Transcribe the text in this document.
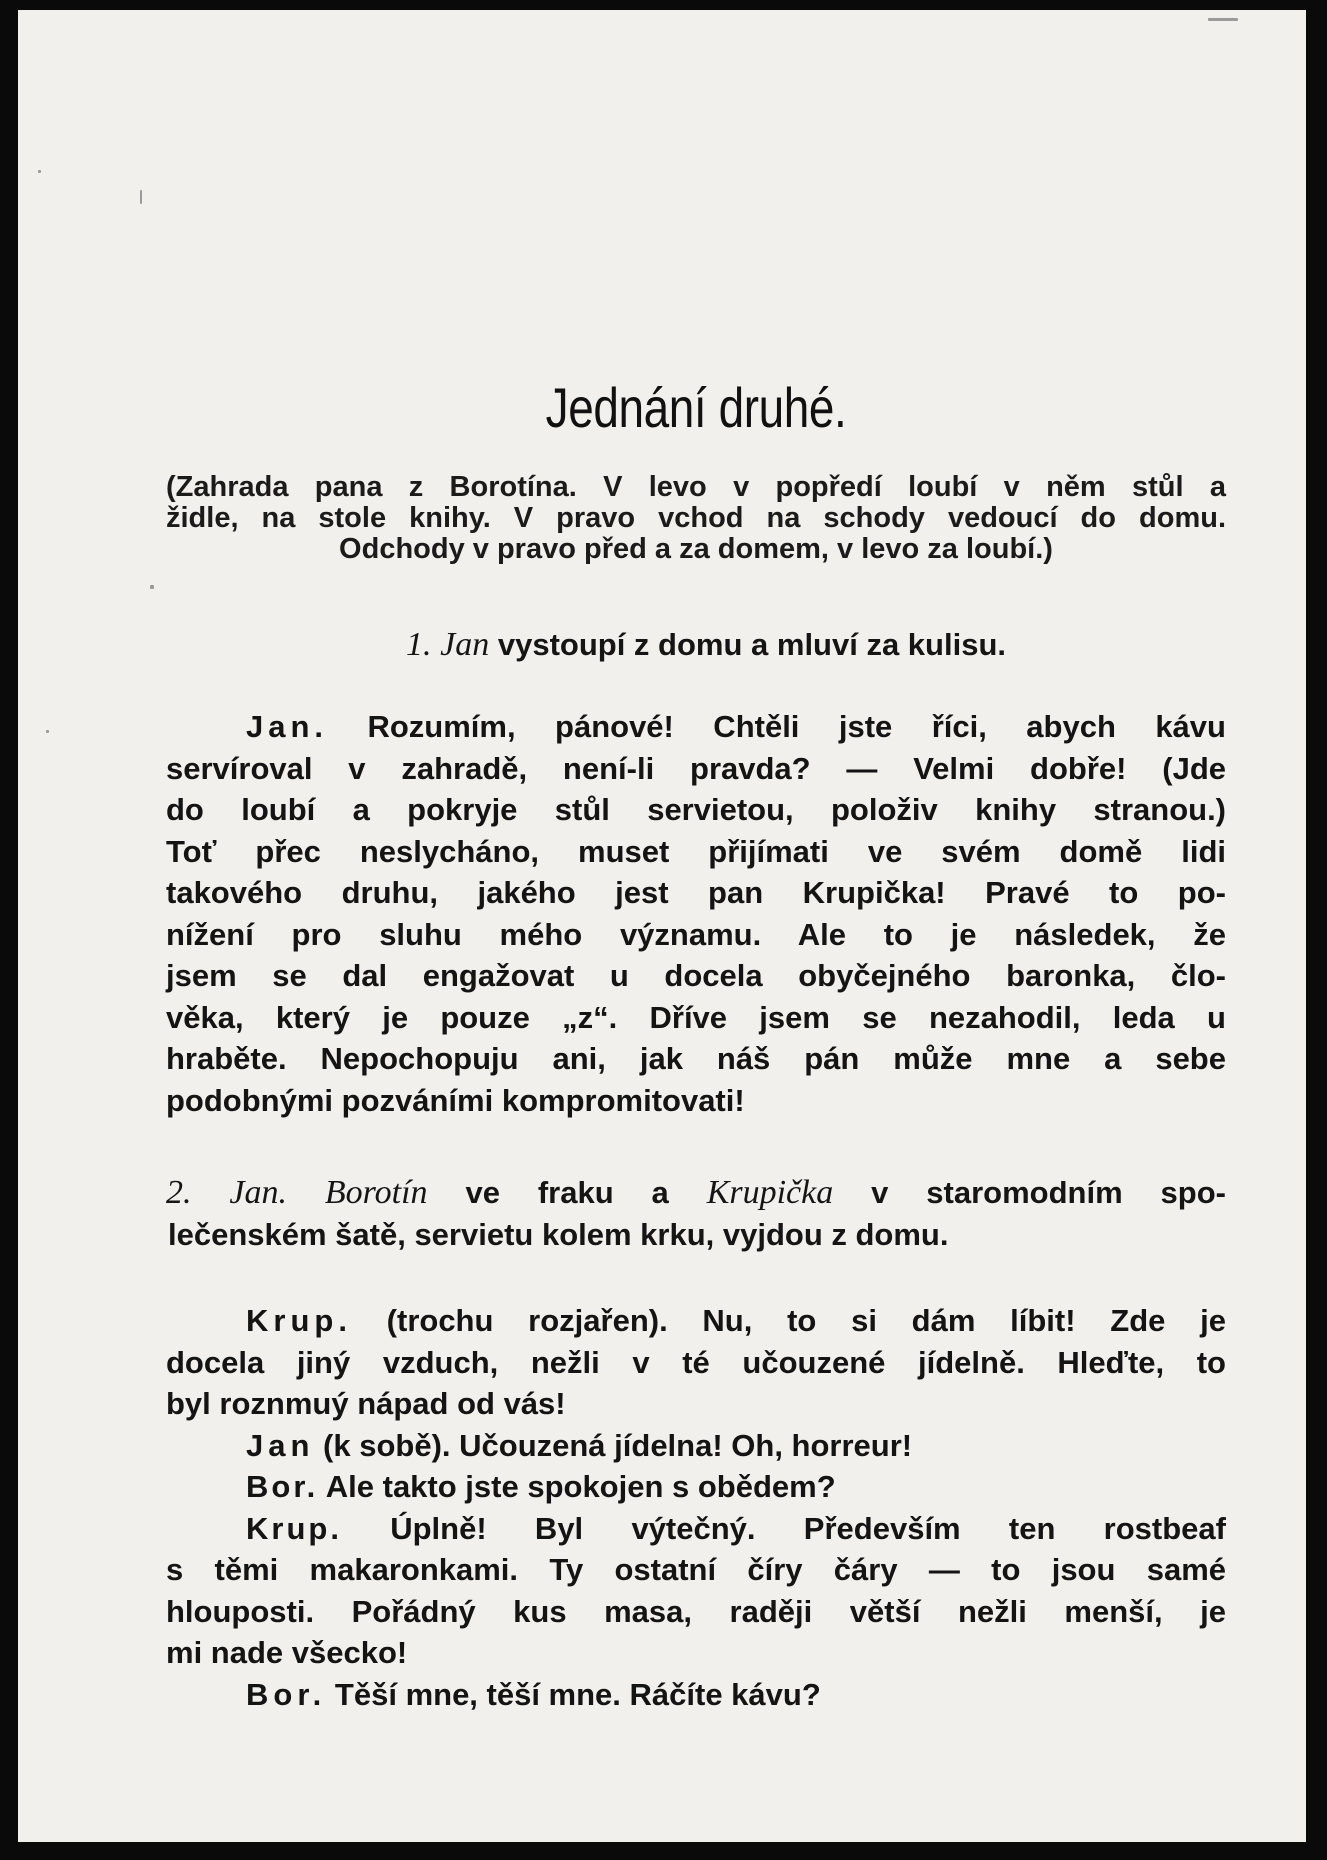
Jednání druhé.
(Zahrada pana z Borotína. V levo v popředí loubí v něm stůl a
židle, na stole knihy. V pravo vchod na schody vedoucí do domu.
Odchody v pravo před a za domem, v levo za loubí.)
1. Jan vystoupí z domu a mluví za kulisu.
Jan. Rozumím, pánové! Chtěli jste říci, abych kávu
servíroval v zahradě, není-li pravda? — Velmi dobře! (Jde
do loubí a pokryje stůl servietou, položiv knihy stranou.)
Toť přec neslycháno, muset přijímati ve svém domě lidi
takového druhu, jakého jest pan Krupička! Pravé to po-
nížení pro sluhu mého významu. Ale to je následek, že
jsem se dal engažovat u docela obyčejného baronka, člo-
věka, který je pouze „z“. Dříve jsem se nezahodil, leda u
hraběte. Nepochopuju ani, jak náš pán může mne a sebe
podobnými pozváními kompromitovati!
2. Jan. Borotín ve fraku a Krupička v staromodním spo-
lečenském šatě, servietu kolem krku, vyjdou z domu.
Krup. (trochu rozjařen). Nu, to si dám líbit! Zde je
docela jiný vzduch, nežli v té učouzené jídelně. Hleďte, to
byl roznmuý nápad od vás!
Jan (k sobě). Učouzená jídelna! Oh, horreur!
Bor. Ale takto jste spokojen s obědem?
Krup. Úplně! Byl výtečný. Především ten rostbeaf
s těmi makaronkami. Ty ostatní číry čáry — to jsou samé
hlouposti. Pořádný kus masa, raději větší nežli menší, je
mi nade všecko!
Bor. Těší mne, těší mne. Ráčíte kávu?
